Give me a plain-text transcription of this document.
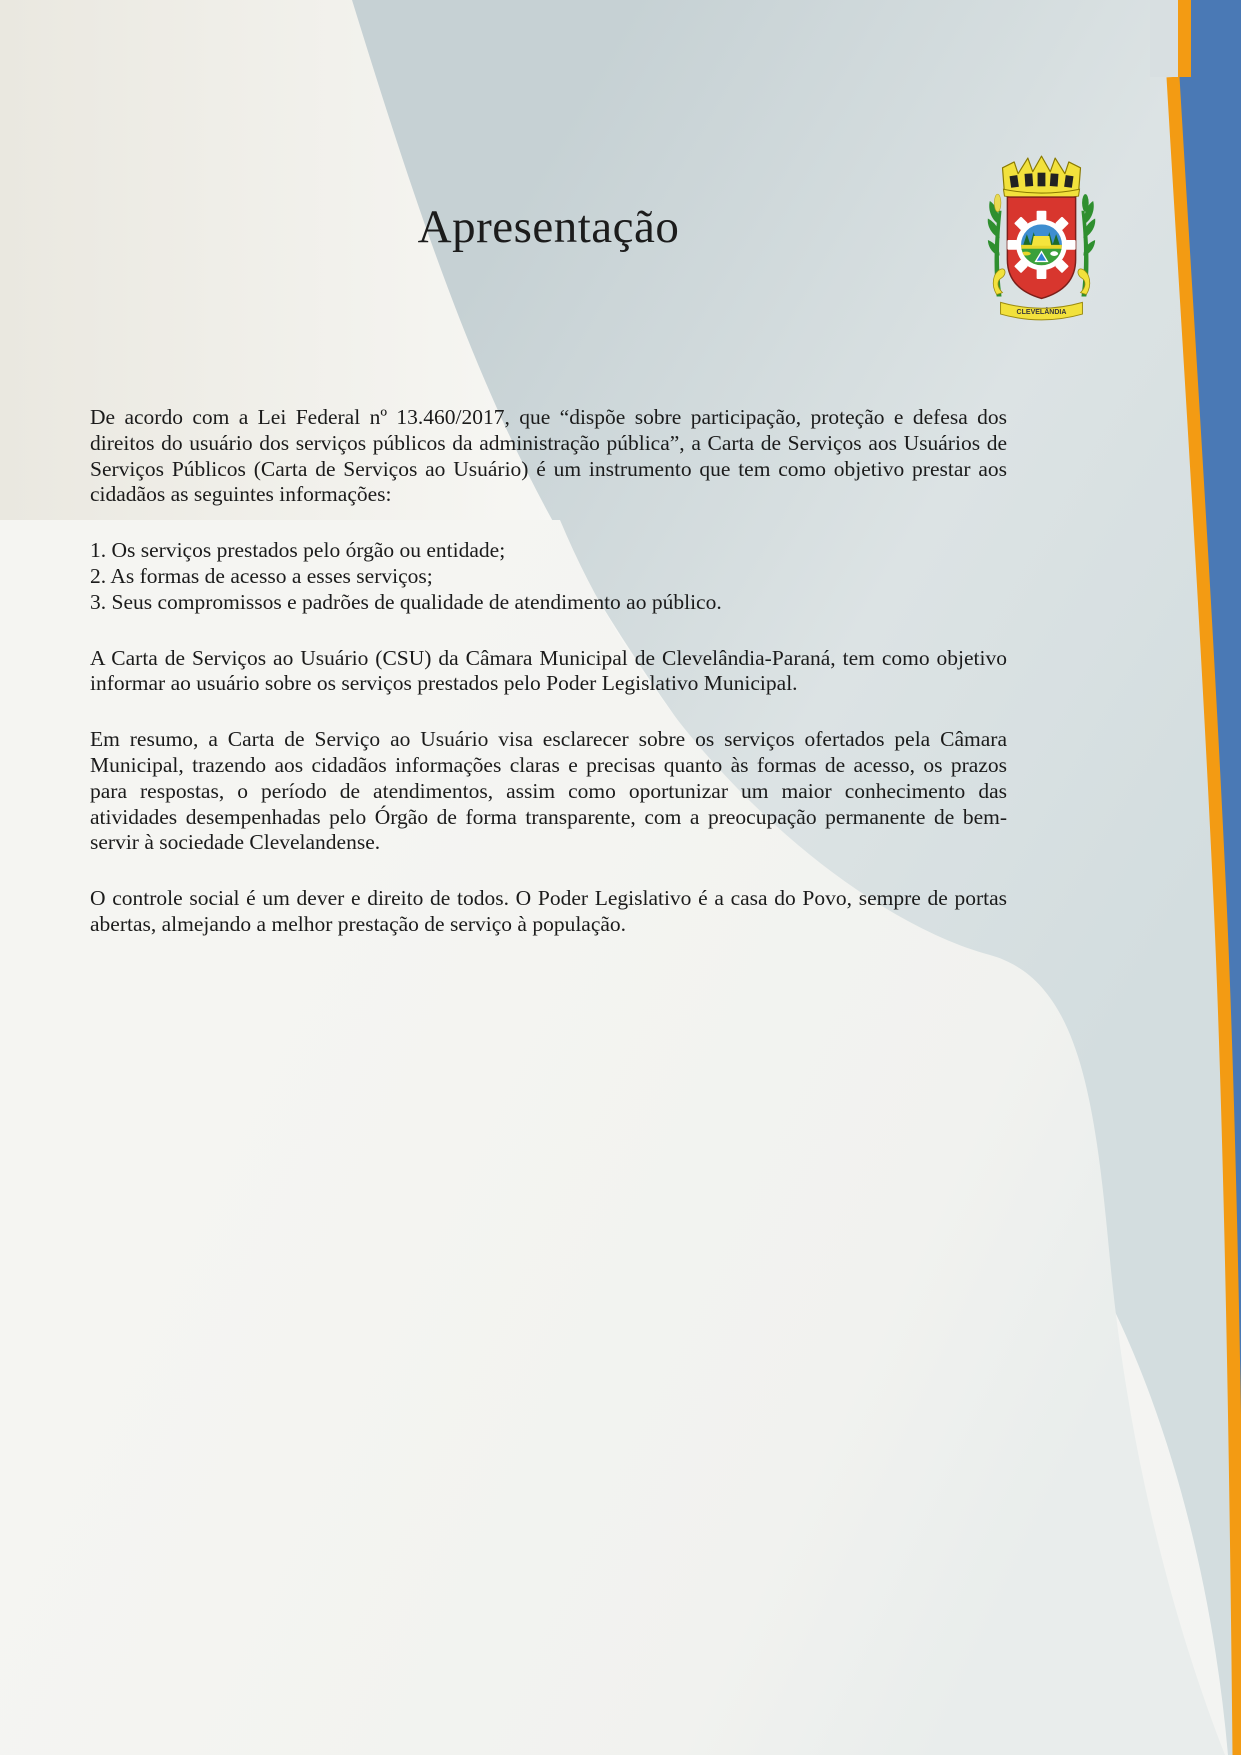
Apresentação
CLEVELÂNDIA

De acordo com a Lei Federal nº 13.460/2017, que “dispõe sobre participação, proteção e defesa dos direitos do usuário dos serviços públicos da administração pública”, a Carta de Serviços aos Usuários de Serviços Públicos (Carta de Serviços ao Usuário) é um instrumento que tem como objetivo prestar aos cidadãos as seguintes informações:

1. Os serviços prestados pelo órgão ou entidade;
2. As formas de acesso a esses serviços;
3. Seus compromissos e padrões de qualidade de atendimento ao público.

A Carta de Serviços ao Usuário (CSU) da Câmara Municipal de Clevelândia-Paraná, tem como objetivo informar ao usuário sobre os serviços prestados pelo Poder Legislativo Municipal.

Em resumo, a Carta de Serviço ao Usuário visa esclarecer sobre os serviços ofertados pela Câmara Municipal, trazendo aos cidadãos informações claras e precisas quanto às formas de acesso, os prazos para respostas, o período de atendimentos, assim como oportunizar um maior conhecimento das atividades desempenhadas pelo Órgão de forma transparente, com a preocupação permanente de bem-servir à sociedade Clevelandense.

O controle social é um dever e direito de todos. O Poder Legislativo é a casa do Povo, sempre de portas abertas, almejando a melhor prestação de serviço à população.
